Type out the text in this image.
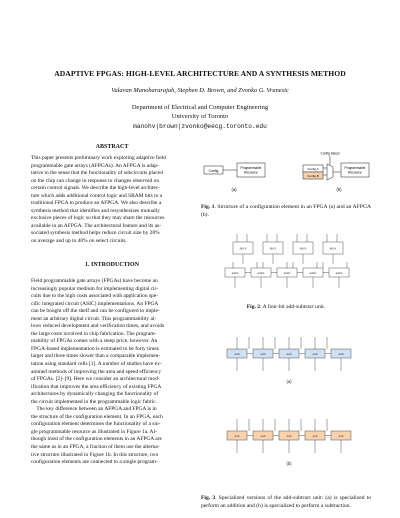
ADAPTIVE FPGAS: HIGH-LEVEL ARCHITECTURE AND A SYNTHESIS METHOD
Valavan Manohararajah, Stephen D. Brown, and Zvonko G. Vranesic
Department of Electrical and Computer Engineering
University of Toronto
manohv|brown|zvonko@eecg.toronto.edu
ABSTRACT
This paper presents preliminary work exploring adaptive field
programmable gate arrays (AFPGAs). An AFPGA is adap-
tative in the sense that the functionality of subcircuits placed
on the chip can change in response to changes observed on
certain control signals. We describe the high-level architec-
ture which adds additional control logic and SRAM bits to a
traditional FPGA to produce an AFPGA. We also describe a
synthesis method that identifies and resynthesizes mutually
exclusive pieces of logic so that they may share the resources
available in an AFPGA. The architectural feature and its as-
sociated synthesis method helps reduce circuit size by 28%
on average and up to 40% on select circuits.
1. INTRODUCTION
Field programmable gate arrays (FPGAs) have become an
increasingly popular medium for implementing digital cir-
cuits due to the high costs associated with application spe-
cific integrated circuit (ASIC) implementations. An FPGA
can be bought off the shelf and can be configured to imple-
ment an arbitrary digital circuit. This programmability al-
lows reduced development and verification times, and avoids
the large costs involved in chip fabrication. The program-
mability of FPGAs comes with a steep price, however. An
FPGA-based implementation is estimated to be forty times
larger and three times slower than a comparable implemen-
tation using standard cells [1]. A number of studies have ex-
amined methods of improving the area and speed efficiency
of FPGAs. [2]–[9]. Here we consider an architectural mod-
ification that improves the area efficiency of existing FPGA
architectures by dynamically changing the functionality of
the circuit implemented in the programmable logic fabric.
The key difference between an AFPGA and FPGA is in
the structure of the configuration element. In an FPGA, each
configuration element determines the functionality of a sin-
gle programmable resource as illustrated in Figure 1a. Al-
though most of the configuration elements in an AFPGA are
the same as in an FPGA, a fraction of them use the alterna-
tive structure illustrated in Figure 1b. In this structure, two
configuration elements are connected to a single program-
Config
Programmable
Resource
Config Select
Config A
Config B
Programmable
Resource
(a)	(b)
Fig. 1. Structure of a configuration element in an FPGA (a) and an AFPGA (b).
MUX	MUX	MUX	MUX
add/s	add/s	add/s	add/s	add/s
Fig. 2. A four-bit add-subtract unit.
add	add	add	add	add
(a)
sub	sub	sub	sub	sub
(b)
Fig. 3. Specialized versions of the add-subtract unit: (a) is specialized to perform an addition and (b) is specialized to perform a subtraction.
